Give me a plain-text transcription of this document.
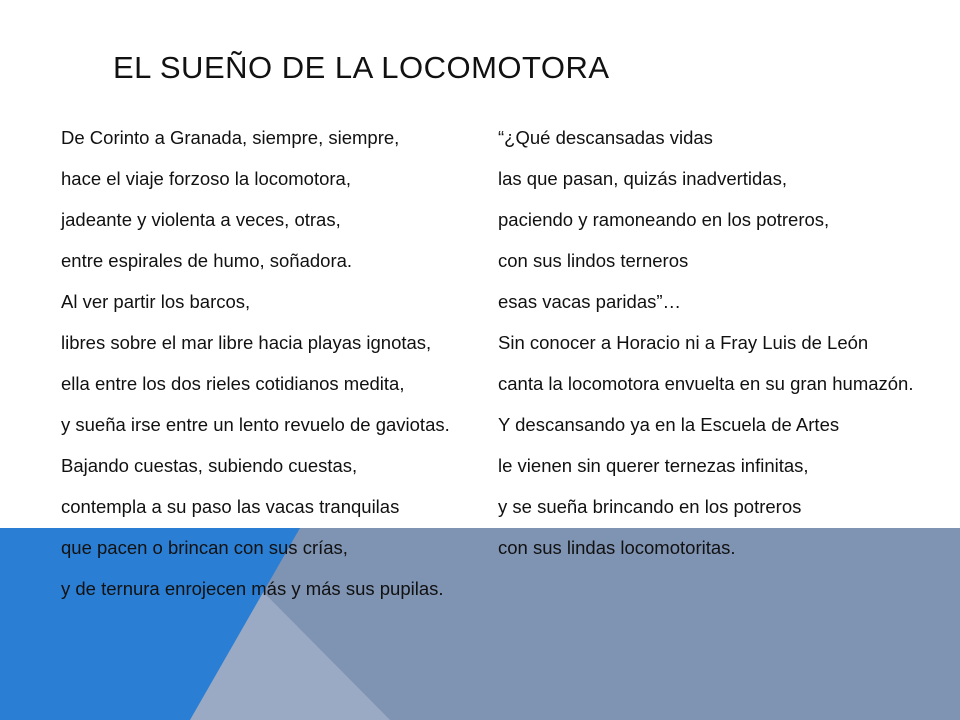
EL SUEÑO DE LA LOCOMOTORA

De Corinto a Granada, siempre, siempre,

hace el viaje forzoso la locomotora,

jadeante y violenta a veces, otras,

entre espirales de humo, soñadora.

Al ver partir los barcos,

libres sobre el mar libre hacia playas ignotas,

ella entre los dos rieles cotidianos medita,

y sueña irse entre un lento revuelo de gaviotas.

Bajando cuestas, subiendo cuestas,

contempla a su paso las vacas tranquilas

que pacen o brincan con sus crías,

y de ternura enrojecen más y más sus pupilas.

“¿Qué descansadas vidas

las que pasan, quizás inadvertidas,

paciendo y ramoneando en los potreros,

con sus lindos terneros

esas vacas paridas”…

Sin conocer a Horacio ni a Fray Luis de León

canta la locomotora envuelta en su gran humazón.

Y descansando ya en la Escuela de Artes

le vienen sin querer ternezas infinitas,

y se sueña brincando en los potreros

con sus lindas locomotoritas.
